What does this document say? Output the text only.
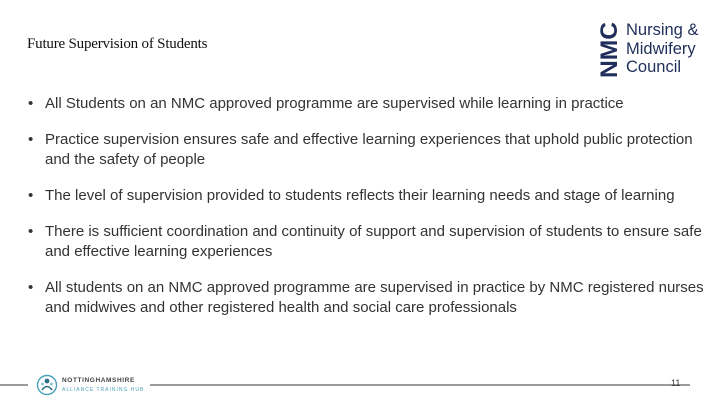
Future Supervision of Students	NMC Nursing &
Midwifery
Council
• All Students on an NMC approved programme are supervised while learning in practice
• Practice supervision ensures safe and effective learning experiences that uphold public protection and the safety of people
• The level of supervision provided to students reflects their learning needs and stage of learning
• There is sufficient coordination and continuity of support and supervision of students to ensure safe and effective learning experiences
• All students on an NMC approved programme are supervised in practice by NMC registered nurses and midwives and other registered health and social care professionals
NOTTINGHAMSHIRE
ALLIANCE TRAINING HUB
11
